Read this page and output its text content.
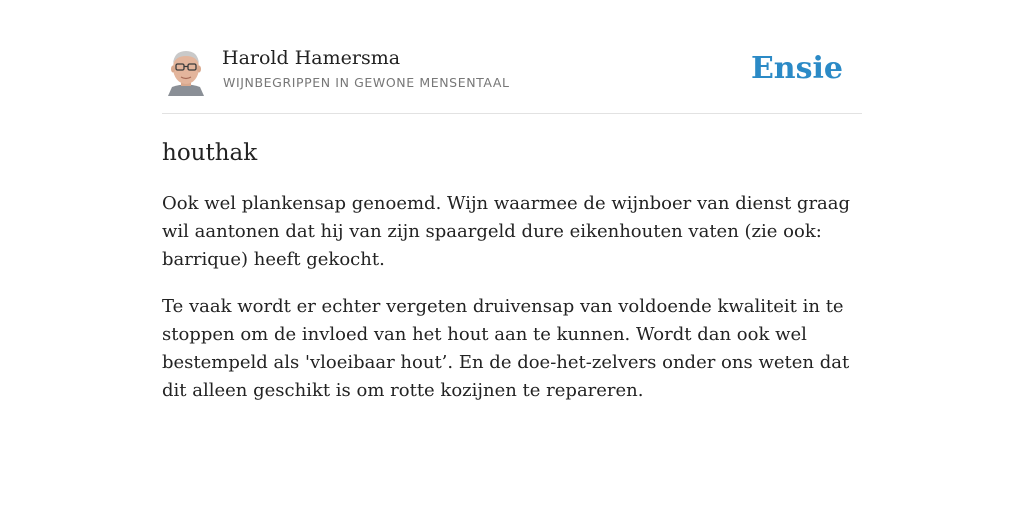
Harold Hamersma
WIJNBEGRIPPEN IN GEWONE MENSENTAAL	Ensie
houthak

Ook wel plankensap genoemd. Wijn waarmee de wijnboer van dienst graag wil aantonen dat hij van zijn spaargeld dure eikenhouten vaten (zie ook: barrique) heeft gekocht.

Te vaak wordt er echter vergeten druivensap van voldoende kwaliteit in te stoppen om de invloed van het hout aan te kunnen. Wordt dan ook wel bestempeld als 'vloeibaar hout’. En de doe-het-zelvers onder ons weten dat dit alleen geschikt is om rotte kozijnen te repareren.
